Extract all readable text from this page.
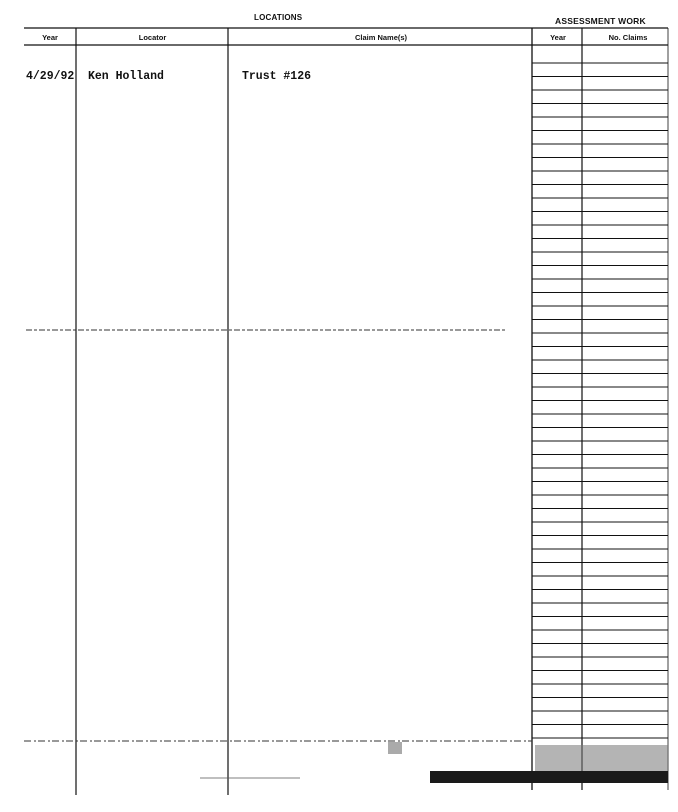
LOCATIONS	ASSESSMENT WORK
Year	Locator	Claim Name(s)	Year	No. Claims
4/29/92 Ken Holland	Trust #126
